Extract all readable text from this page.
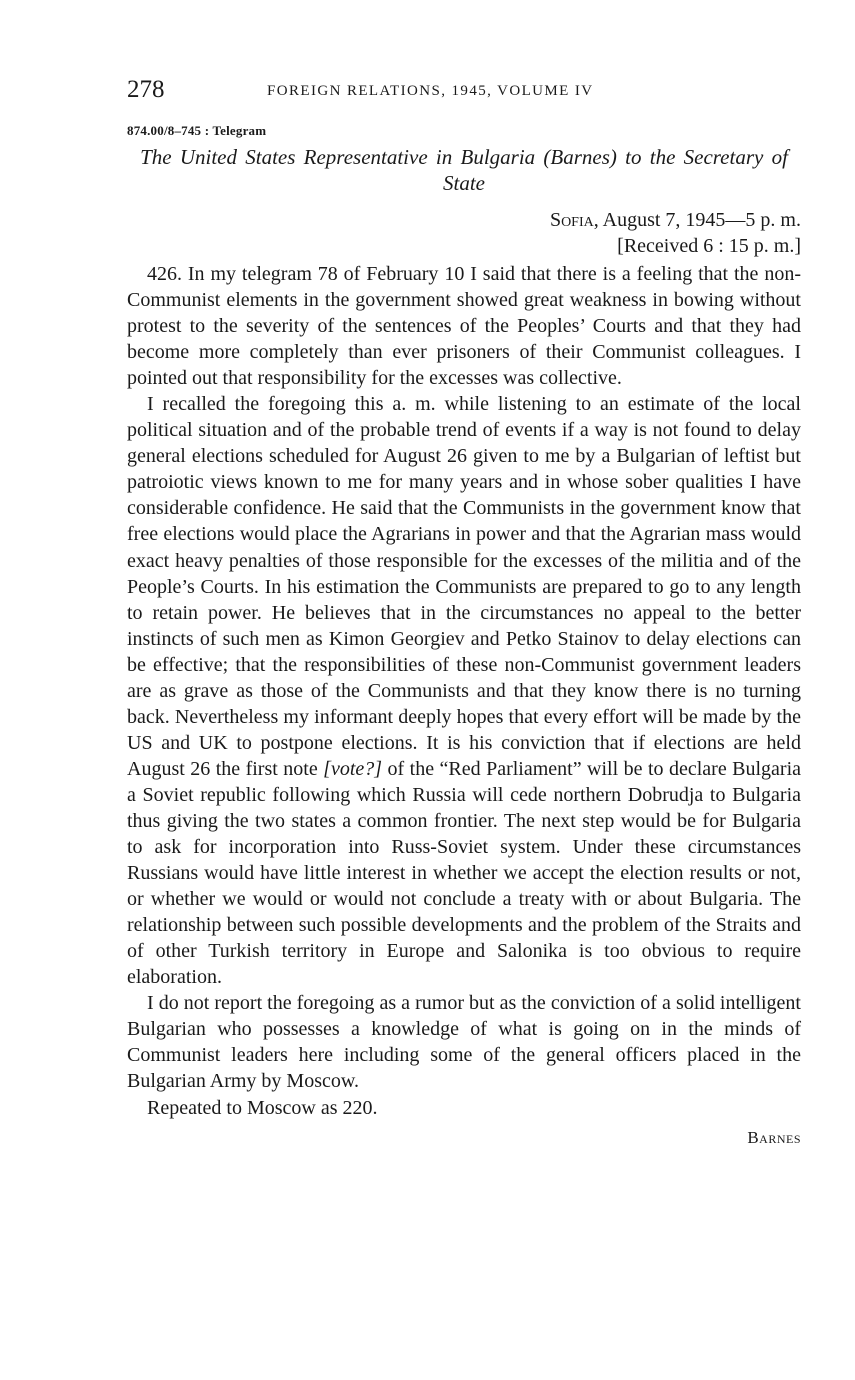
278	FOREIGN RELATIONS, 1945, VOLUME IV
874.00/8–745 : Telegram
The United States Representative in Bulgaria (Barnes) to the Secretary of State
Sofia, August 7, 1945—5 p. m.
[Received 6 : 15 p. m.]

426. In my telegram 78 of February 10 I said that there is a feeling that the non-Communist elements in the government showed great weakness in bowing without protest to the severity of the sentences of the Peoples’ Courts and that they had become more completely than ever prisoners of their Communist colleagues. I pointed out that responsibility for the excesses was collective.

I recalled the foregoing this a. m. while listening to an estimate of the local political situation and of the probable trend of events if a way is not found to delay general elections scheduled for August 26 given to me by a Bulgarian of leftist but patroiotic views known to me for many years and in whose sober qualities I have considerable confidence. He said that the Communists in the government know that free elections would place the Agrarians in power and that the Agrarian mass would exact heavy penalties of those responsible for the excesses of the militia and of the People’s Courts. In his estimation the Communists are prepared to go to any length to retain power. He believes that in the circumstances no appeal to the better instincts of such men as Kimon Georgiev and Petko Stainov to delay elections can be effective; that the responsibilities of these non-Communist government leaders are as grave as those of the Communists and that they know there is no turning back. Nevertheless my informant deeply hopes that every effort will be made by the US and UK to postpone elections. It is his conviction that if elections are held August 26 the first note [vote?] of the “Red Parliament” will be to declare Bulgaria a Soviet republic following which Russia will cede northern Dobrudja to Bulgaria thus giving the two states a common frontier. The next step would be for Bulgaria to ask for incorporation into Russ-Soviet system. Under these circumstances Russians would have little interest in whether we accept the election results or not, or whether we would or would not conclude a treaty with or about Bulgaria. The relationship between such possible developments and the problem of the Straits and of other Turkish territory in Europe and Salonika is too obvious to require elaboration.

I do not report the foregoing as a rumor but as the conviction of a solid intelligent Bulgarian who possesses a knowledge of what is going on in the minds of Communist leaders here including some of the general officers placed in the Bulgarian Army by Moscow.

Repeated to Moscow as 220.

Barnes
